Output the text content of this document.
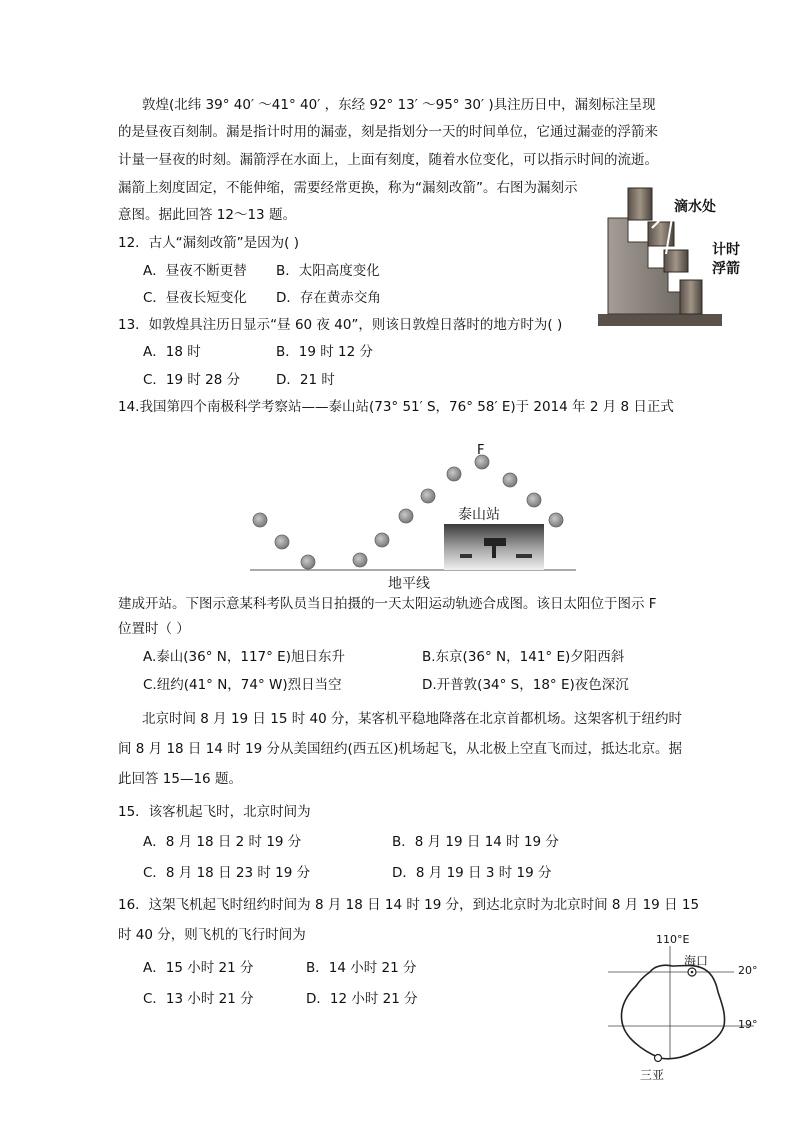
敦煌(北纬 39° 40′ ～41° 40′ ，东经 92° 13′ ～95° 30′ )具注历日中，漏刻标注呈现
的是昼夜百刻制。漏是指计时用的漏壶，刻是指划分一天的时间单位，它通过漏壶的浮箭来
计量一昼夜的时刻。漏箭浮在水面上，上面有刻度，随着水位变化，可以指示时间的流逝。
漏箭上刻度固定，不能伸缩，需要经常更换，称为“漏刻改箭”。右图为漏刻示
意图。据此回答 12～13 题。	滴水处
计时
浮箭
12．古人“漏刻改箭”是因为( )
A．昼夜不断更替 B．太阳高度变化
C．昼夜长短变化 D．存在黄赤交角
13．如敦煌具注历日显示“昼 60 夜 40”，则该日敦煌日落时的地方时为( )
A．18 时	B．19 时 12 分
C．19 时 28 分	D．21 时
14.我国第四个南极科学考察站——泰山站(73° 51′ S，76° 58′ E)于 2014 年 2 月 8 日正式
F
泰山站
地平线
建成开站。下图示意某科考队员当日拍摄的一天太阳运动轨迹合成图。该日太阳位于图示 F
位置时（ ）
A.泰山(36° N，117° E)旭日东升	B.东京(36° N，141° E)夕阳西斜
C.纽约(41° N，74° W)烈日当空	D.开普敦(34° S，18° E)夜色深沉
北京时间 8 月 19 日 15 时 40 分，某客机平稳地降落在北京首都机场。这架客机于纽约时
间 8 月 18 日 14 时 19 分从美国纽约(西五区)机场起飞，从北极上空直飞而过，抵达北京。据
此回答 15—16 题。
15．该客机起飞时，北京时间为
A．8 月 18 日 2 时 19 分	B．8 月 19 日 14 时 19 分
C．8 月 18 日 23 时 19 分	D．8 月 19 日 3 时 19 分
16．这架飞机起飞时纽约时间为 8 月 18 日 14 时 19 分，到达北京时为北京时间 8 月 19 日 15
时 40 分，则飞机的飞行时间为
A．15 小时 21 分	B．14 小时 21 分
C．13 小时 21 分	D．12 小时 21 分
110°E
海口
20°
19°
三亚
